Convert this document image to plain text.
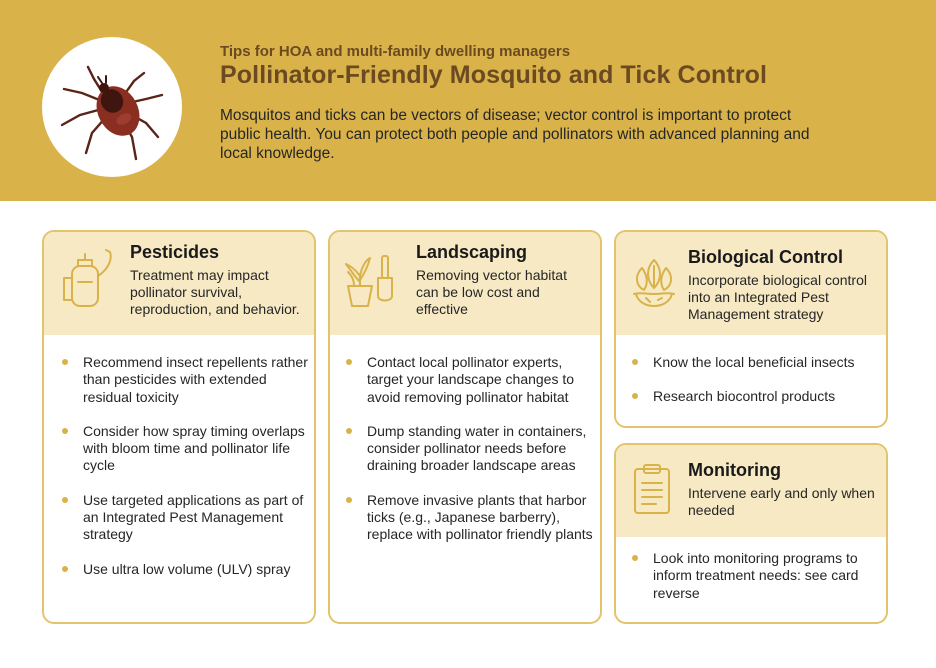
Tips for HOA and multi-family dwelling managers
Pollinator-Friendly Mosquito and Tick Control
Mosquitos and ticks can be vectors of disease; vector control is important to protect public health. You can protect both people and pollinators with advanced planning and local knowledge.
Pesticides
Treatment may impact pollinator survival, reproduction, and behavior.
Recommend insect repellents rather than pesticides with extended residual toxicity
Consider how spray timing overlaps with bloom time and pollinator life cycle
Use targeted applications as part of an Integrated Pest Management strategy
Use ultra low volume (ULV) spray
Landscaping
Removing vector habitat can be low cost and effective
Contact local pollinator experts, target your landscape changes to avoid removing pollinator habitat
Dump standing water in containers, consider pollinator needs before draining broader landscape areas
Remove invasive plants that harbor ticks (e.g., Japanese barberry), replace with pollinator friendly plants
Biological Control
Incorporate biological control into an Integrated Pest Management strategy
Know the local beneficial insects
Research biocontrol products
Monitoring
Intervene early and only when needed
Look into monitoring programs to inform treatment needs: see card reverse
